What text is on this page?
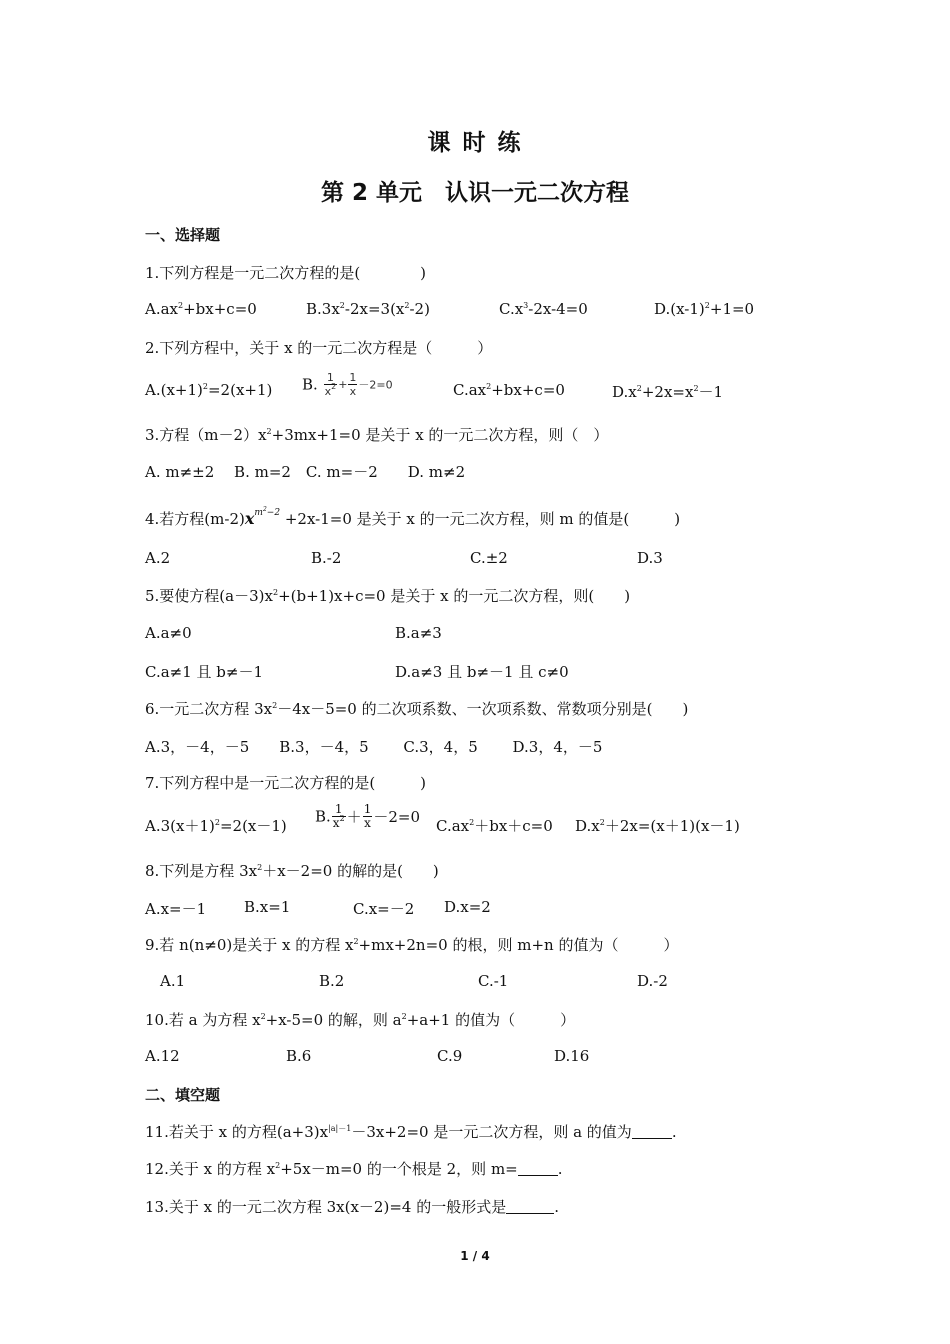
课 时 练
第 2 单元　认识一元二次方程
一、选择题
1.下列方程是一元二次方程的是(　　　　)
$A.ax^2+bx+c=0$	$B.3x^2-2x=3(x^2-2)$	$C.x^3-2x-4=0$	$D.(x-1)^2+1=0$
2.下列方程中，关于 x 的一元二次方程是（　　　）
$A.(x+1)^2=2(x+1)$ B. $\frac{1}{x^2} + \frac{1}{x} -2=0$	$C.ax^2+bx+c=0$	$D.x^2+2x=x^2-1$
3.方程$(m-2)x^2+3mx+1=0$ 是关于 x 的一元二次方程，则（　）
A. m≠±2　 B. m=2　C. m=－2　　D. m≠2
4.若方程$(m-2)x^{m^2-2} +2x-1=0$ 是关于 x 的一元二次方程，则 m 的值是(　　　)
A.2	B.-2	C.±2	D.3
5.要使方程$(a-3)x^2+(b+1)x+c=0$ 是关于 x 的一元二次方程，则(　　)
A.a≠0	B.a≠3
C.a≠1 且 b≠－1	D.a≠3 且 b≠－1 且 c≠0
6.一元二次方程 $3x^2-4x-5=0$ 的二次项系数、一次项系数、常数项分别是(　　)
A.3，－4，－5　　B.3，－4，5　　 C.3，4，5　　 D.3，4，－5
7.下列方程中是一元二次方程的是(　　　)
$A.3(x+1)^2=2(x-1)$
B. $\frac{1}{x^2} + \frac{1}{x} -2=0$ $C.ax^2+bx+c=0$ $D.x^2+2x=(x+1)(x-1)$
8.下列是方程 $3x^2+x-2=0$ 的解的是(　　)
A.x=－1	B.x=1	C.x=－2 D.x=2
9.若 n(n≠0)是关于 x 的方程 $x^2+mx+2n=0$ 的根，则 m+n 的值为（　　　）
A.1	B.2	C.-1	D.-2
10.若 a 为方程 $x^2+x-5=0$ 的解，则 $a^2+a+1$ 的值为（　　　）
A.12	B.6	C.9	D.16
二、填空题
11.若关于 x 的方程$(a+3)x^{|a|-1}-3x+2=0$ 是一元二次方程，则 a 的值为	.
12.关于 x 的方程 $x^2+5x-m=0$ 的一个根是 2，则 m=	.
13.关于 x 的一元二次方程 3x(x－2)=4 的一般形式是	.
1 / 4
